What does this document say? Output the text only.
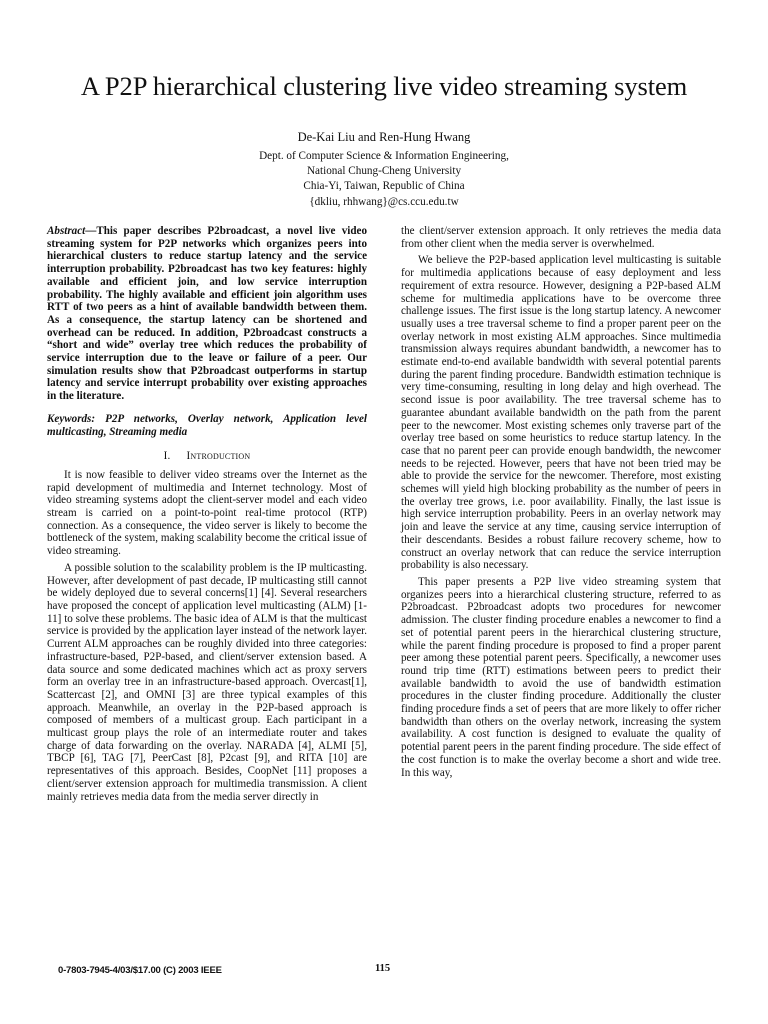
A P2P hierarchical clustering live video streaming system
De-Kai Liu and Ren-Hung Hwang
Dept. of Computer Science & Information Engineering,
National Chung-Cheng University
Chia-Yi, Taiwan, Republic of China
{dkliu, rhhwang}@cs.ccu.edu.tw

Abstract—This paper describes P2broadcast, a novel live video streaming system for P2P networks which organizes peers into hierarchical clusters to reduce startup latency and the service interruption probability. P2broadcast has two key features: highly available and efficient join, and low service interruption probability. The highly available and efficient join algorithm uses RTT of two peers as a hint of available bandwidth between them. As a consequence, the startup latency can be shortened and overhead can be reduced. In addition, P2broadcast constructs a “short and wide” overlay tree which reduces the probability of service interruption due to the leave or failure of a peer. Our simulation results show that P2broadcast outperforms in startup latency and service interrupt probability over existing approaches in the literature.

Keywords: P2P networks, Overlay network, Application level multicasting, Streaming media

I. Introduction

It is now feasible to deliver video streams over the Internet as the rapid development of multimedia and Internet technology. Most of video streaming systems adopt the client-server model and each video stream is carried on a point-to-point real-time protocol (RTP) connection. As a consequence, the video server is likely to become the bottleneck of the system, making scalability become the critical issue of video streaming.

A possible solution to the scalability problem is the IP multicasting. However, after development of past decade, IP multicasting still cannot be widely deployed due to several concerns[1] [4]. Several researchers have proposed the concept of application level multicasting (ALM) [1-11] to solve these problems. The basic idea of ALM is that the multicast service is provided by the application layer instead of the network layer. Current ALM approaches can be roughly divided into three categories: infrastructure-based, P2P-based, and client/server extension based. A data source and some dedicated machines which act as proxy servers form an overlay tree in an infrastructure-based approach. Overcast[1], Scattercast [2], and OMNI [3] are three typical examples of this approach. Meanwhile, an overlay in the P2P-based approach is composed of members of a multicast group. Each participant in a multicast group plays the role of an intermediate router and takes charge of data forwarding on the overlay. NARADA [4], ALMI [5], TBCP [6], TAG [7], PeerCast [8], P2cast [9], and RITA [10] are representatives of this approach. Besides, CoopNet [11] proposes a client/server extension approach for multimedia transmission. A client mainly retrieves media data from the media server directly in

the client/server extension approach. It only retrieves the media data from other client when the media server is overwhelmed.

We believe the P2P-based application level multicasting is suitable for multimedia applications because of easy deployment and less requirement of extra resource. However, designing a P2P-based ALM scheme for multimedia applications have to be overcome three challenge issues. The first issue is the long startup latency. A newcomer usually uses a tree traversal scheme to find a proper parent peer on the overlay network in most existing ALM approaches. Since multimedia transmission always requires abundant bandwidth, a newcomer has to estimate end-to-end available bandwidth with several potential parents during the parent finding procedure. Bandwidth estimation technique is very time-consuming, resulting in long delay and high overhead. The second issue is poor availability. The tree traversal scheme has to guarantee abundant available bandwidth on the path from the parent peer to the newcomer. Most existing schemes only traverse part of the overlay tree based on some heuristics to reduce startup latency. In the case that no parent peer can provide enough bandwidth, the newcomer needs to be rejected. However, peers that have not been tried may be able to provide the service for the newcomer. Therefore, most existing schemes will yield high blocking probability as the number of peers in the overlay tree grows, i.e. poor availability. Finally, the last issue is high service interruption probability. Peers in an overlay network may join and leave the service at any time, causing service interruption of their descendants. Besides a robust failure recovery scheme, how to construct an overlay network that can reduce the service interruption probability is also necessary.

This paper presents a P2P live video streaming system that organizes peers into a hierarchical clustering structure, referred to as P2broadcast. P2broadcast adopts two procedures for newcomer admission. The cluster finding procedure enables a newcomer to find a set of potential parent peers in the hierarchical clustering structure, while the parent finding procedure is proposed to find a proper parent peer among these potential parent peers. Specifically, a newcomer uses round trip time (RTT) estimations between peers to predict their available bandwidth to avoid the use of bandwidth estimation procedures in the cluster finding procedure. Additionally the cluster finding procedure finds a set of peers that are more likely to offer richer bandwidth than others on the overlay network, increasing the system availability. A cost function is designed to evaluate the quality of potential parent peers in the parent finding procedure. The side effect of the cost function is to make the overlay become a short and wide tree. In this way,

0-7803-7945-4/03/$17.00 (C) 2003 IEEE	115
